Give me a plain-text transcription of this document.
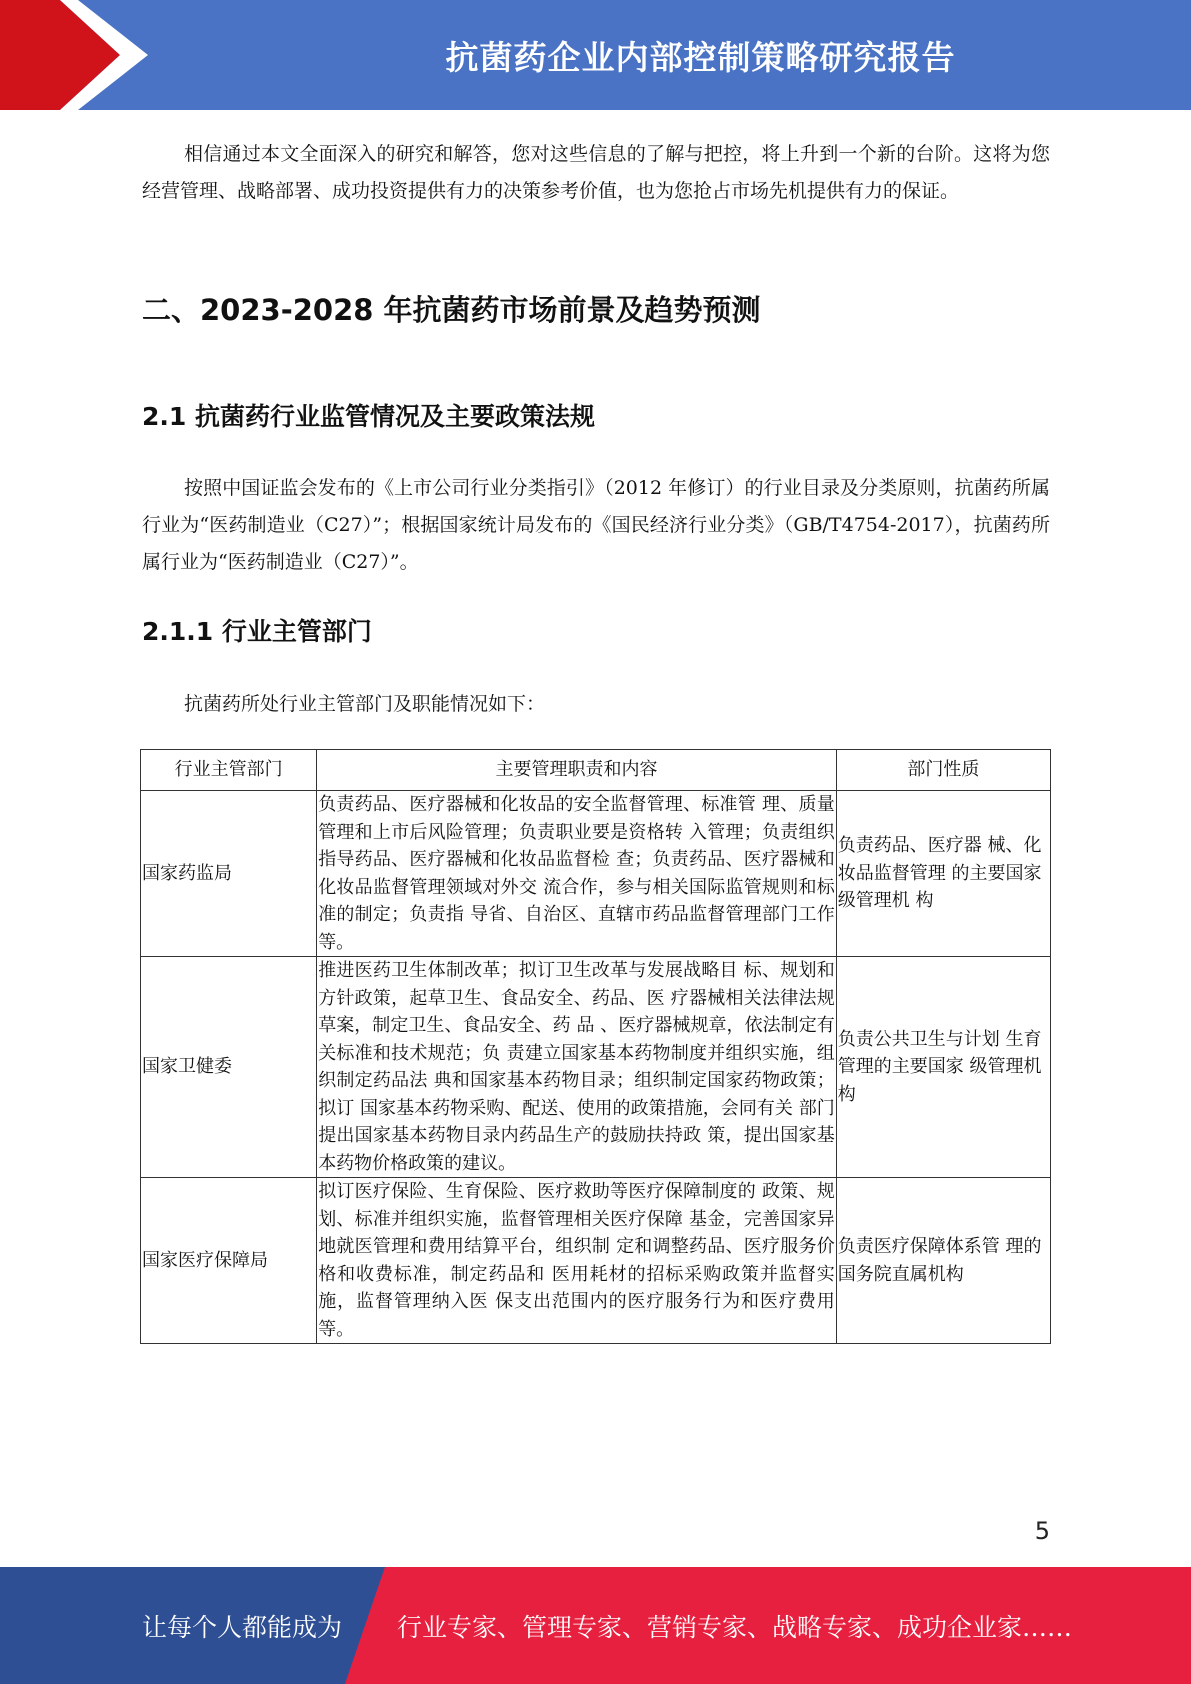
抗菌药企业内部控制策略研究报告

相信通过本文全面深入的研究和解答，您对这些信息的了解与把控，将上升到一个新的台阶。这将为您经营管理、战略部署、成功投资提供有力的决策参考价值，也为您抢占市场先机提供有力的保证。

二、2023-2028 年抗菌药市场前景及趋势预测
2.1 抗菌药行业监管情况及主要政策法规

按照中国证监会发布的《上市公司行业分类指引》（2012 年修订）的行业目录及分类原则，抗菌药所属行业为“医药制造业（C27）”；根据国家统计局发布的《国民经济行业分类》（GB/T4754-2017），抗菌药所属行业为“医药制造业（C27）”。

2.1.1 行业主管部门

抗菌药所处行业主管部门及职能情况如下：

行业主管部门	主要管理职责和内容	部门性质
国家药监局	负责药品、医疗器械和化妆品的安全监督管理、标准管 理、质量管理和上市后风险管理；负责职业要是资格转 入管理；负责组织指导药品、医疗器械和化妆品监督检 查；负责药品、医疗器械和化妆品监督管理领域对外交 流合作，参与相关国际监管规则和标准的制定；负责指 导省、自治区、直辖市药品监督管理部门工作等。	负责药品、医疗器 械、化妆品监督管理 的主要国家级管理机 构
国家卫健委	推进医药卫生体制改革；拟订卫生改革与发展战略目 标、规划和方针政策，起草卫生、食品安全、药品、医 疗器械相关法律法规草案，制定卫生、食品安全、药 品 、医疗器械规章，依法制定有关标准和技术规范；负 责建立国家基本药物制度并组织实施，组织制定药品法 典和国家基本药物目录；组织制定国家药物政策；拟订 国家基本药物采购、配送、使用的政策措施，会同有关 部门提出国家基本药物目录内药品生产的鼓励扶持政 策，提出国家基本药物价格政策的建议。	负责公共卫生与计划 生育管理的主要国家 级管理机构
国家医疗保障局	拟订医疗保险、生育保险、医疗救助等医疗保障制度的 政策、规划、标准并组织实施，监督管理相关医疗保障 基金，完善国家异地就医管理和费用结算平台，组织制 定和调整药品、医疗服务价格和收费标准，制定药品和 医用耗材的招标采购政策并监督实施，监督管理纳入医 保支出范围内的医疗服务行为和医疗费用等。	负责医疗保障体系管 理的国务院直属机构
5
让每个人都能成为 行业专家、管理专家、营销专家、战略专家、成功企业家……
